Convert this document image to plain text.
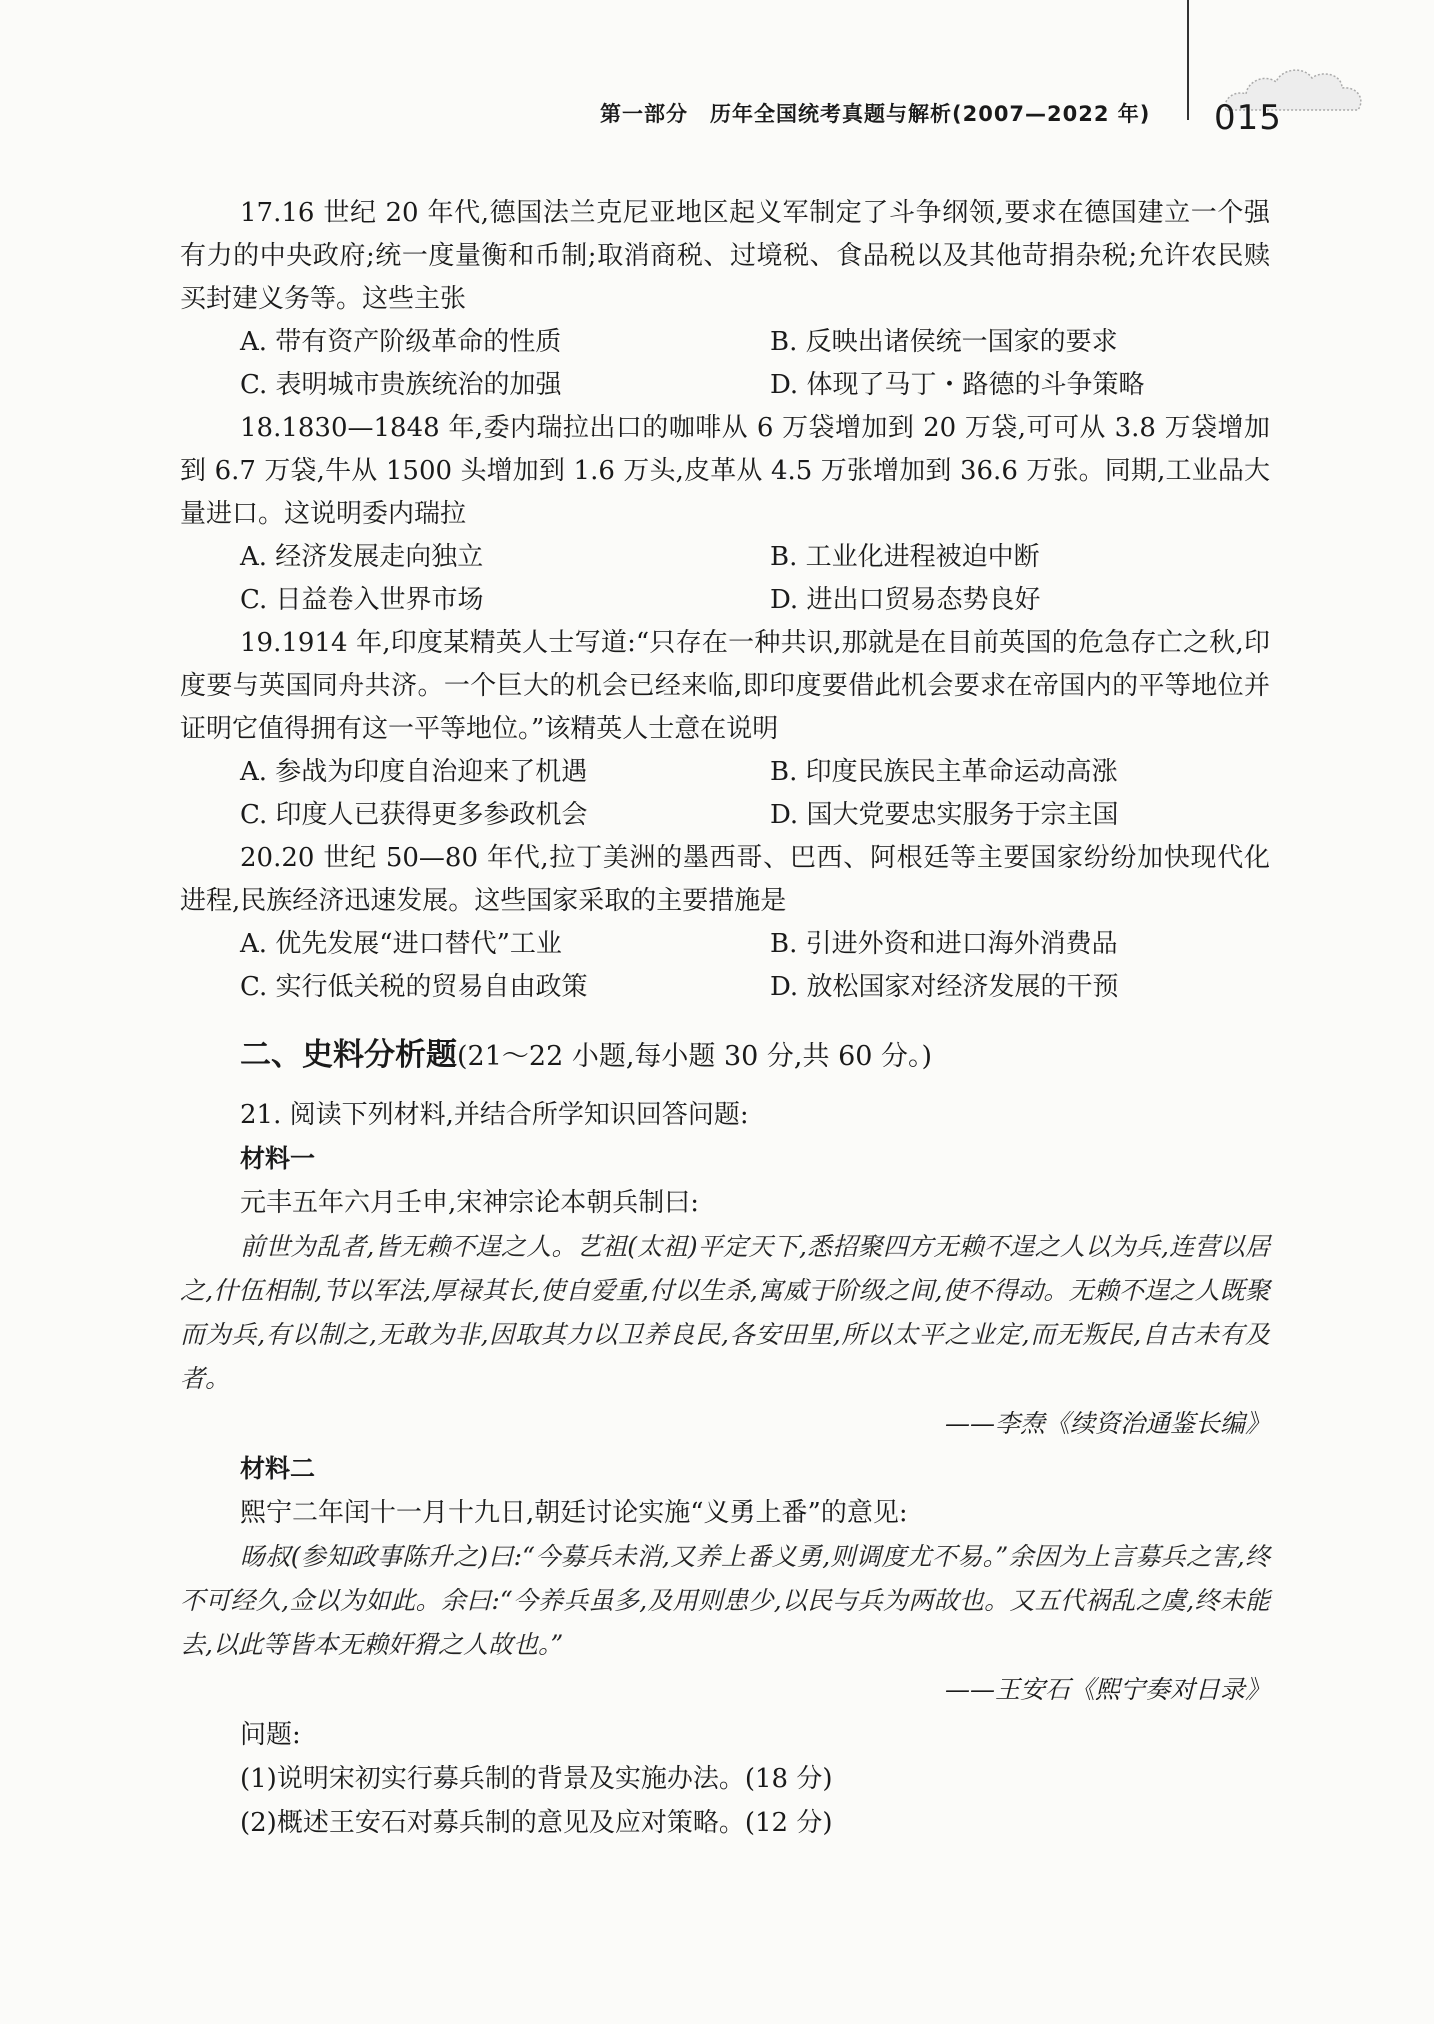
第一部分　历年全国统考真题与解析(2007—2022 年) 015

17.16 世纪 20 年代,德国法兰克尼亚地区起义军制定了斗争纲领,要求在德国建立一个强有力的中央政府;统一度量衡和币制;取消商税、过境税、食品税以及其他苛捐杂税;允许农民赎买封建义务等。这些主张

A. 带有资产阶级革命的性质	B. 反映出诸侯统一国家的要求
C. 表明城市贵族统治的加强	D. 体现了马丁・路德的斗争策略

18.1830—1848 年,委内瑞拉出口的咖啡从 6 万袋增加到 20 万袋,可可从 3.8 万袋增加到 6.7 万袋,牛从 1500 头增加到 1.6 万头,皮革从 4.5 万张增加到 36.6 万张。同期,工业品大量进口。这说明委内瑞拉

A. 经济发展走向独立	B. 工业化进程被迫中断
C. 日益卷入世界市场	D. 进出口贸易态势良好

19.1914 年,印度某精英人士写道:“只存在一种共识,那就是在目前英国的危急存亡之秋,印度要与英国同舟共济。一个巨大的机会已经来临,即印度要借此机会要求在帝国内的平等地位并证明它值得拥有这一平等地位。”该精英人士意在说明

A. 参战为印度自治迎来了机遇	B. 印度民族民主革命运动高涨
C. 印度人已获得更多参政机会	D. 国大党要忠实服务于宗主国

20.20 世纪 50—80 年代,拉丁美洲的墨西哥、巴西、阿根廷等主要国家纷纷加快现代化进程,民族经济迅速发展。这些国家采取的主要措施是

A. 优先发展“进口替代”工业	B. 引进外资和进口海外消费品
C. 实行低关税的贸易自由政策	D. 放松国家对经济发展的干预
二、史料分析题(21～22 小题,每小题 30 分,共 60 分。)
21. 阅读下列材料,并结合所学知识回答问题:
材料一
元丰五年六月壬申,宋神宗论本朝兵制曰:

前世为乱者,皆无赖不逞之人。艺祖(太祖)平定天下,悉招聚四方无赖不逞之人以为兵,连营以居之,什伍相制,节以军法,厚禄其长,使自爱重,付以生杀,寓威于阶级之间,使不得动。无赖不逞之人既聚而为兵,有以制之,无敢为非,因取其力以卫养良民,各安田里,所以太平之业定,而无叛民,自古未有及者。

——李焘《续资治通鉴长编》
材料二
熙宁二年闰十一月十九日,朝廷讨论实施“义勇上番”的意见:

旸叔(参知政事陈升之)曰:“今募兵未消,又养上番义勇,则调度尤不易。”余因为上言募兵之害,终不可经久,佥以为如此。余曰:“今养兵虽多,及用则患少,以民与兵为两故也。又五代祸乱之虞,终未能去,以此等皆本无赖奸猾之人故也。”

——王安石《熙宁奏对日录》
问题:
(1)说明宋初实行募兵制的背景及实施办法。(18 分)
(2)概述王安石对募兵制的意见及应对策略。(12 分)
